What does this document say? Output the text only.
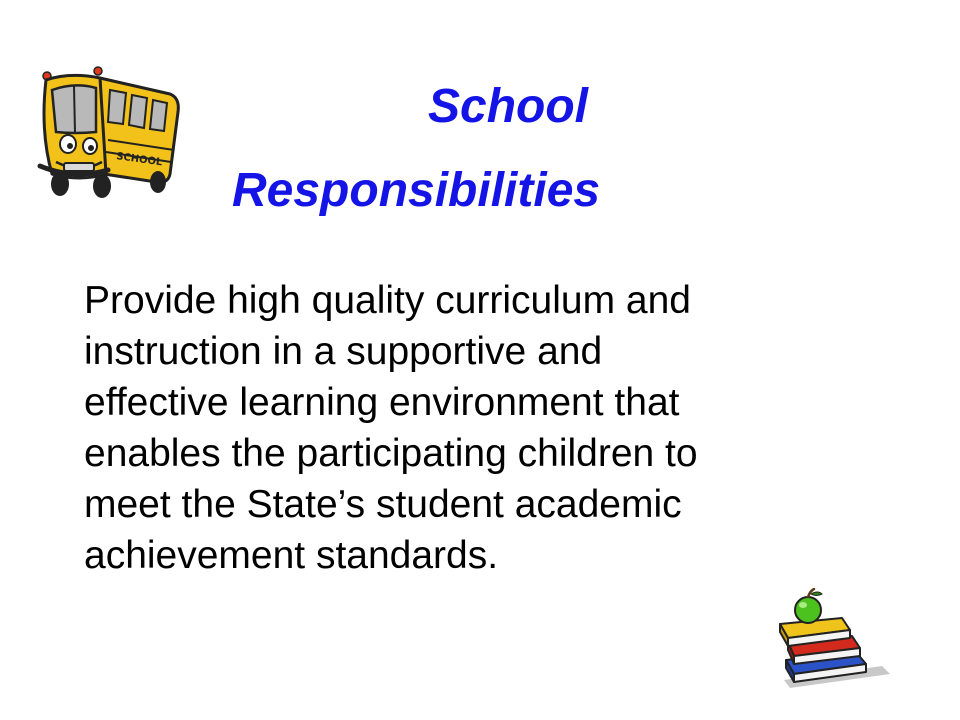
SCHOOL
School
Responsibilities
Provide high quality curriculum and
instruction in a supportive and
effective learning environment that
enables the participating children to
meet the State’s student academic
achievement standards.
